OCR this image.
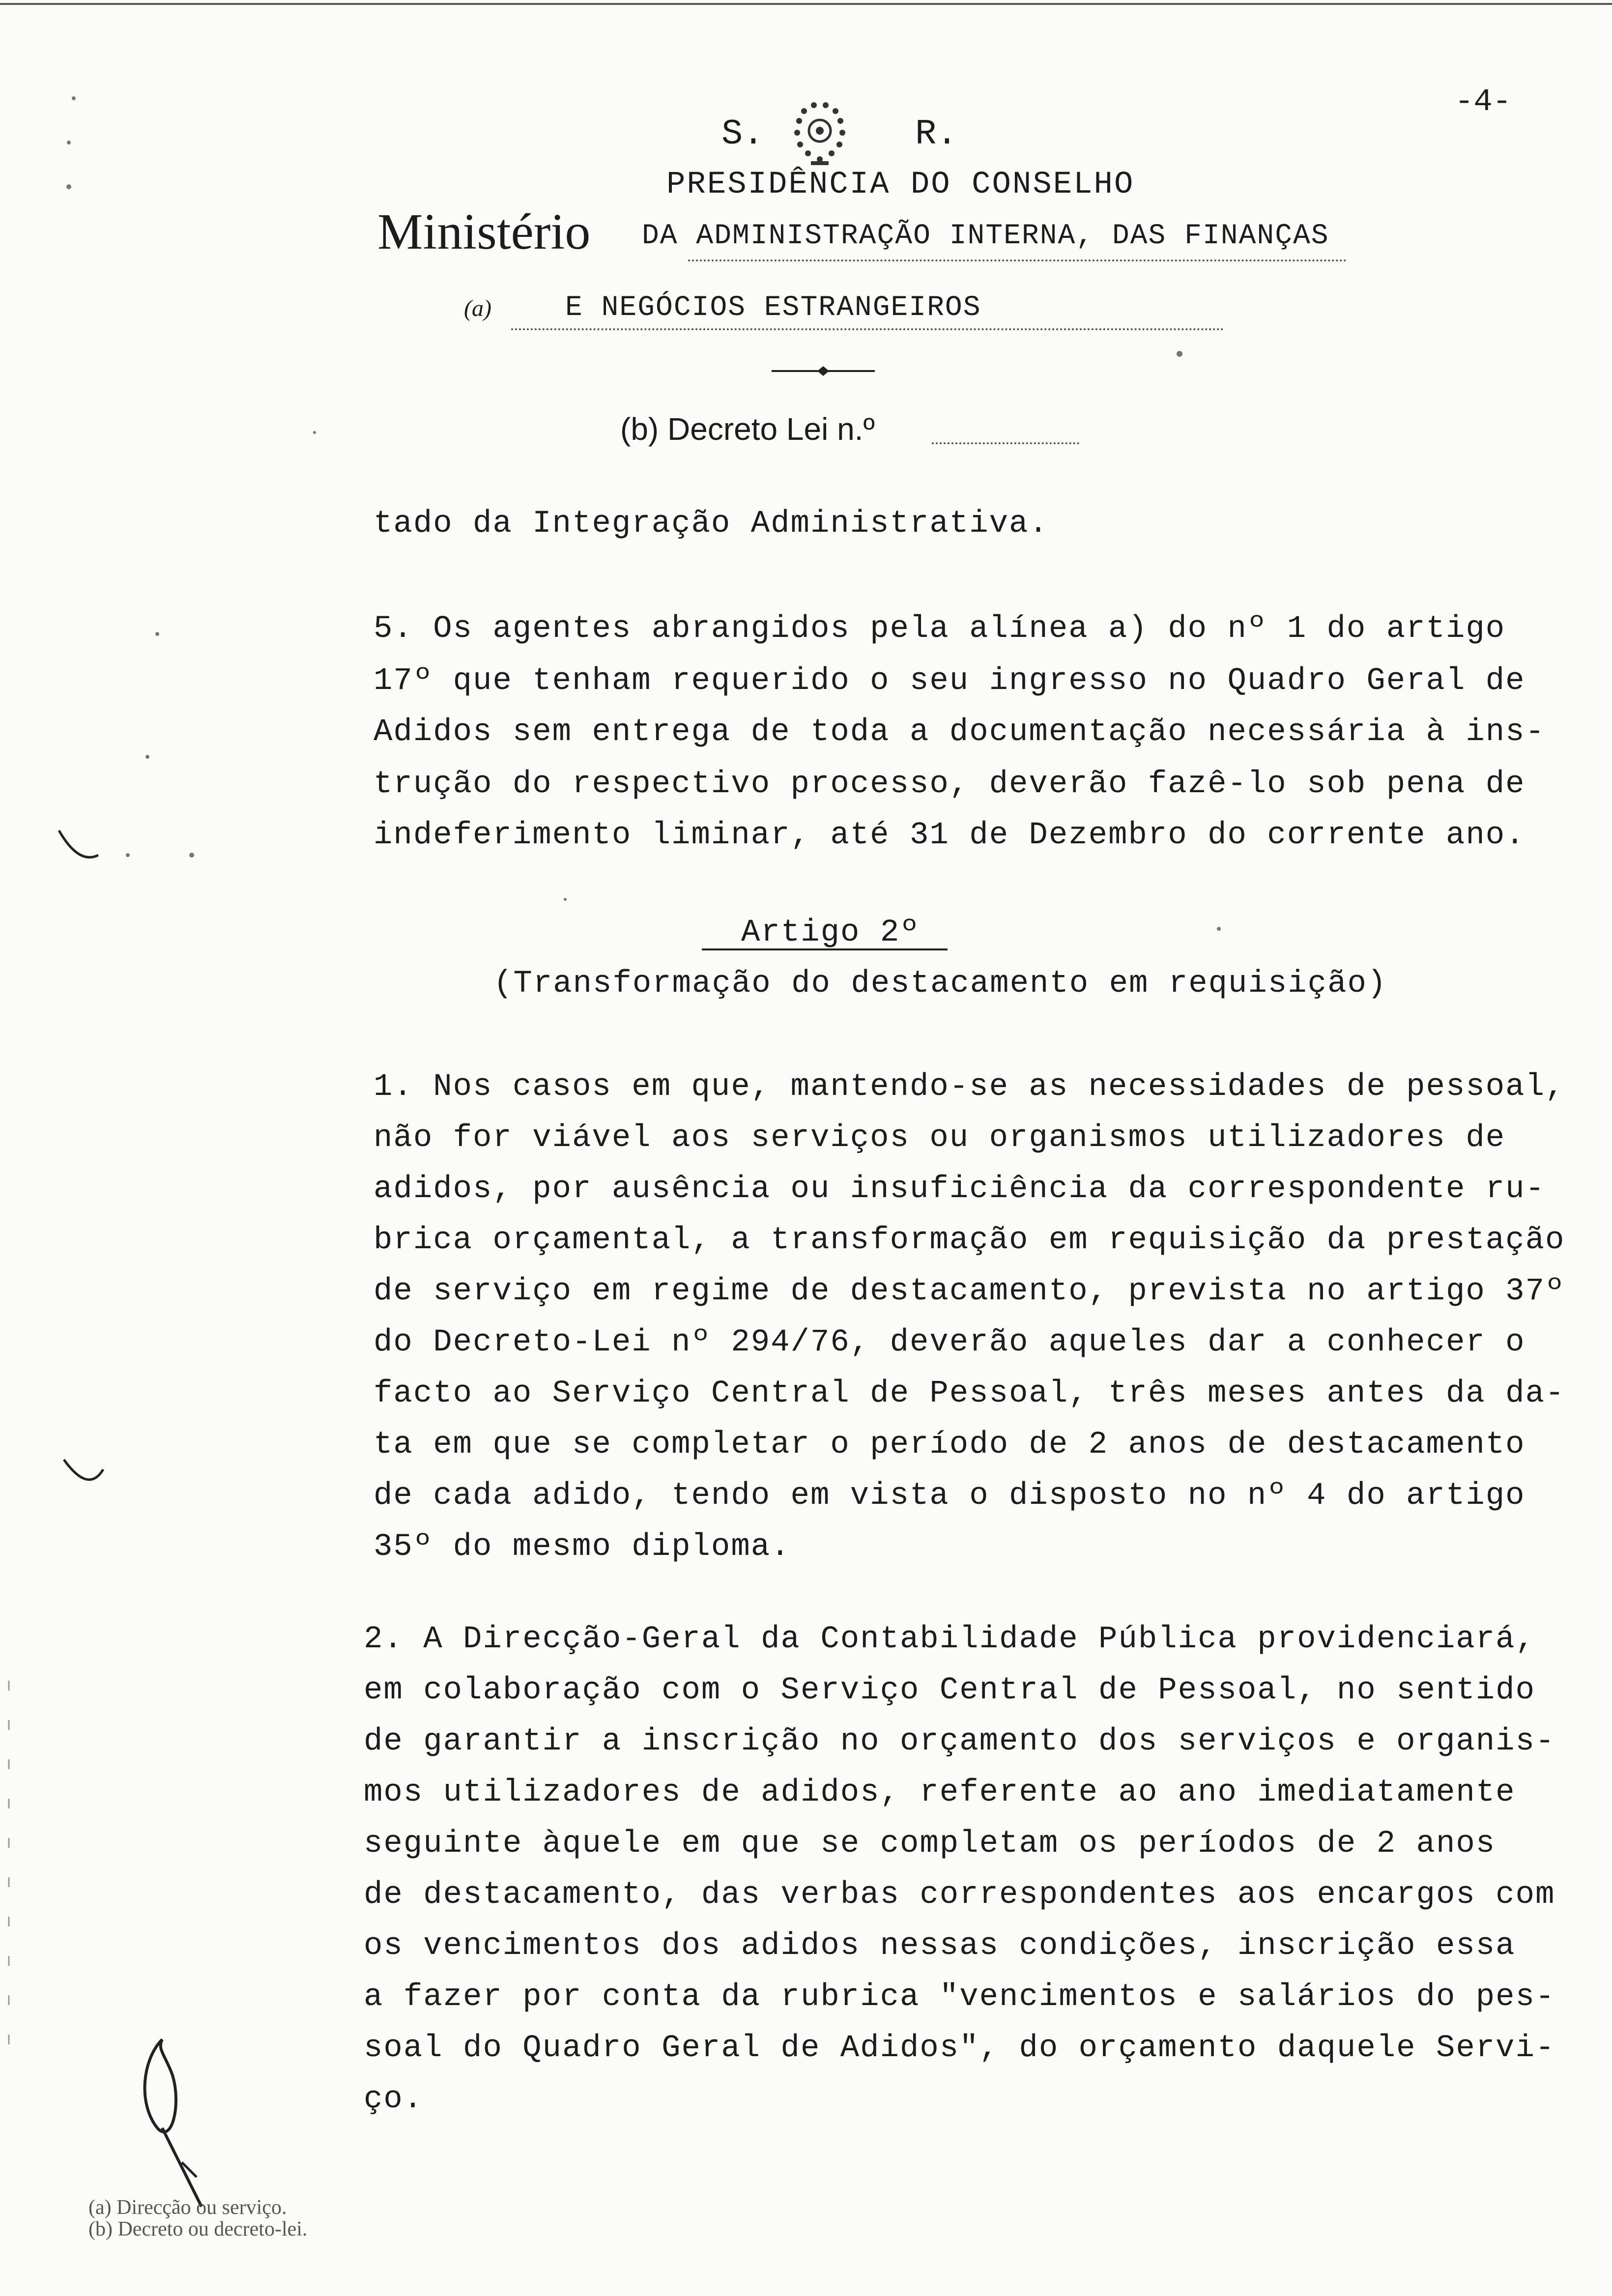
-4-
S.	R.
PRESIDÊNCIA DO CONSELHO
Ministério DA ADMINISTRAÇÃO INTERNA, DAS FINANÇAS
(a)	E NEGÓCIOS ESTRANGEIROS
(b) Decreto Lei n.º
tado da Integração Administrativa.
5. Os agentes abrangidos pela alínea a) do nº 1 do artigo
17º que tenham requerido o seu ingresso no Quadro Geral de
Adidos sem entrega de toda a documentação necessária à ins-
trução do respectivo processo, deverão fazê-lo sob pena de
indeferimento liminar, até 31 de Dezembro do corrente ano.
Artigo 2º
(Transformação do destacamento em requisição)
1. Nos casos em que, mantendo-se as necessidades de pessoal,
não for viável aos serviços ou organismos utilizadores de
adidos, por ausência ou insuficiência da correspondente ru-
brica orçamental, a transformação em requisição da prestação
de serviço em regime de destacamento, prevista no artigo 37º
do Decreto-Lei nº 294/76, deverão aqueles dar a conhecer o
facto ao Serviço Central de Pessoal, três meses antes da da-
ta em que se completar o período de 2 anos de destacamento
de cada adido, tendo em vista o disposto no nº 4 do artigo
35º do mesmo diploma.
2. A Direcção-Geral da Contabilidade Pública providenciará,
em colaboração com o Serviço Central de Pessoal, no sentido
de garantir a inscrição no orçamento dos serviços e organis-
mos utilizadores de adidos, referente ao ano imediatamente
seguinte àquele em que se completam os períodos de 2 anos
de destacamento, das verbas correspondentes aos encargos com
os vencimentos dos adidos nessas condições, inscrição essa
a fazer por conta da rubrica "vencimentos e salários do pes-
soal do Quadro Geral de Adidos", do orçamento daquele Servi-
ço.
(a) Direcção ou serviço.
(b) Decreto ou decreto-lei.
